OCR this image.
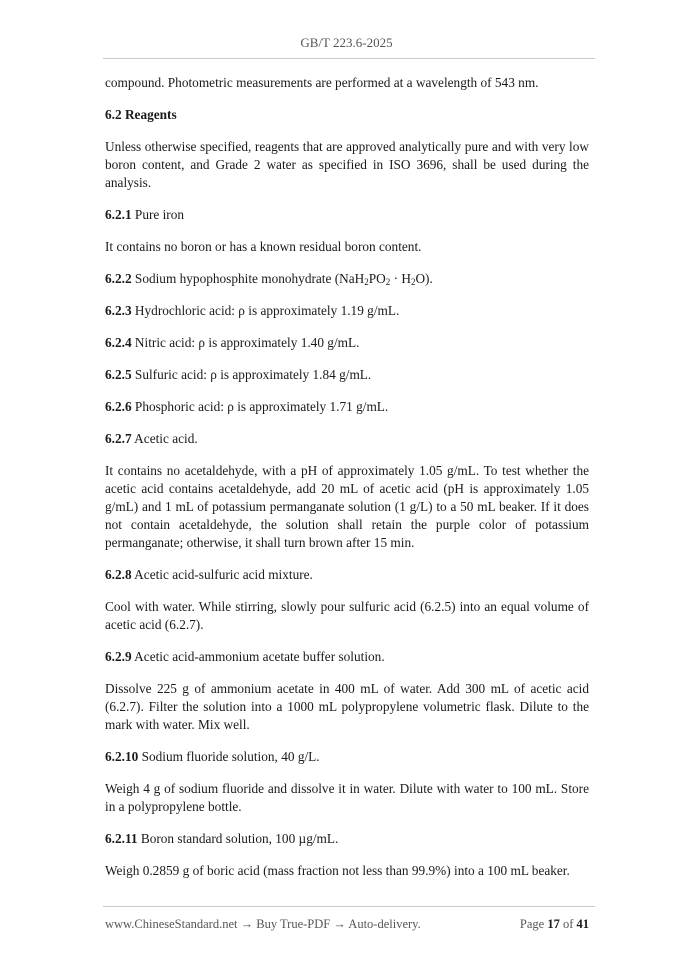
GB/T 223.6-2025

compound. Photometric measurements are performed at a wavelength of 543 nm.

6.2 Reagents

Unless otherwise specified, reagents that are approved analytically pure and with very low boron content, and Grade 2 water as specified in ISO 3696, shall be used during the analysis.

6.2.1 Pure iron

It contains no boron or has a known residual boron content.

6.2.2 Sodium hypophosphite monohydrate $(NaH_2PO_2 \cdot H_2O)$.

6.2.3 Hydrochloric acid: ρ is approximately 1.19 g/mL.

6.2.4 Nitric acid: ρ is approximately 1.40 g/mL.

6.2.5 Sulfuric acid: ρ is approximately 1.84 g/mL.

6.2.6 Phosphoric acid: ρ is approximately 1.71 g/mL.

6.2.7 Acetic acid.

It contains no acetaldehyde, with a pH of approximately 1.05 g/mL. To test whether the acetic acid contains acetaldehyde, add 20 mL of acetic acid (pH is approximately 1.05 g/mL) and 1 mL of potassium permanganate solution (1 g/L) to a 50 mL beaker. If it does not contain acetaldehyde, the solution shall retain the purple color of potassium permanganate; otherwise, it shall turn brown after 15 min.

6.2.8 Acetic acid-sulfuric acid mixture.

Cool with water. While stirring, slowly pour sulfuric acid (6.2.5) into an equal volume of acetic acid (6.2.7).

6.2.9 Acetic acid-ammonium acetate buffer solution.

Dissolve 225 g of ammonium acetate in 400 mL of water. Add 300 mL of acetic acid (6.2.7). Filter the solution into a 1000 mL polypropylene volumetric flask. Dilute to the mark with water. Mix well.

6.2.10 Sodium fluoride solution, 40 g/L.

Weigh 4 g of sodium fluoride and dissolve it in water. Dilute with water to 100 mL. Store in a polypropylene bottle.

6.2.11 Boron standard solution, 100 µg/mL.

Weigh 0.2859 g of boric acid (mass fraction not less than 99.9%) into a 100 mL beaker.

www.ChineseStandard.net → Buy True-PDF → Auto-delivery.	Page 17 of 41
